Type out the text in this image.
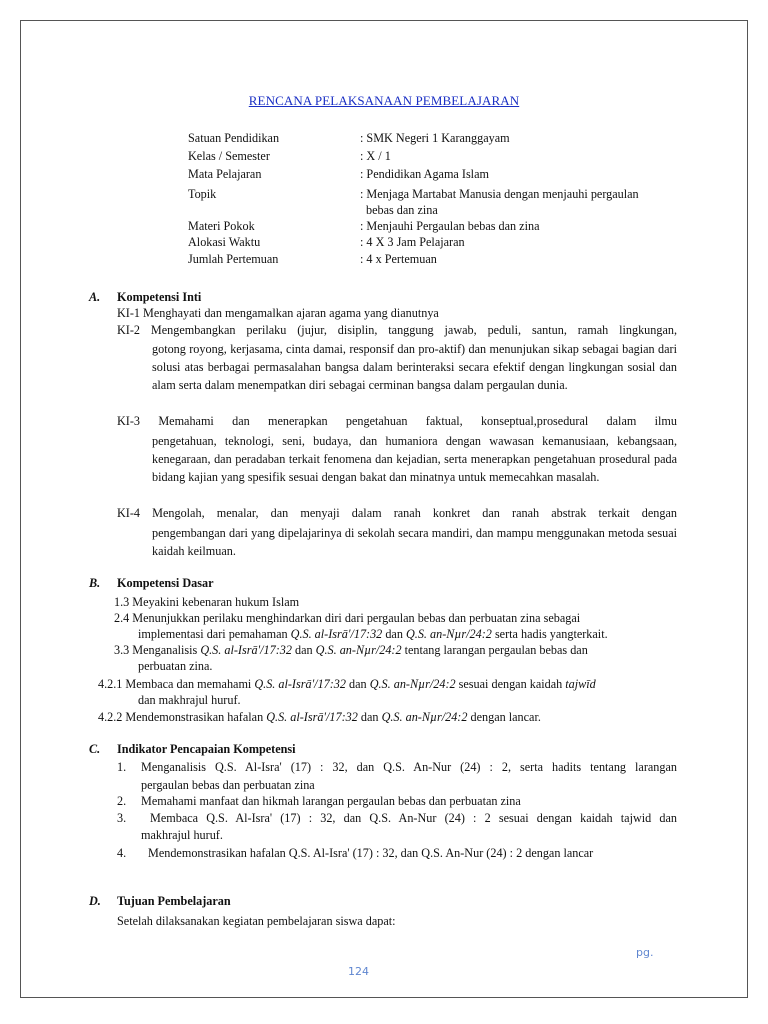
RENCANA PELAKSANAAN PEMBELAJARAN
Satuan Pendidikan	: SMK Negeri 1 Karanggayam
Kelas / Semester	: X / 1
Mata Pelajaran	: Pendidikan Agama Islam
Topik	: Menjaga Martabat Manusia dengan menjauhi pergaulan
bebas dan zina
Materi Pokok	: Menjauhi Pergaulan bebas dan zina
Alokasi Waktu	: 4 X 3 Jam Pelajaran
Jumlah Pertemuan	: 4 x Pertemuan
A. Kompetensi Inti
KI-1 Menghayati dan mengamalkan ajaran agama yang dianutnya
KI-2 Mengembangkan perilaku (jujur, disiplin, tanggung jawab, peduli, santun, ramah lingkungan,
gotong royong, kerjasama, cinta damai, responsif dan pro-aktif) dan menunjukan sikap sebagai bagian dari solusi atas berbagai permasalahan bangsa dalam berinteraksi secara efektif dengan lingkungan sosial dan alam serta dalam menempatkan diri sebagai cerminan bangsa dalam pergaulan dunia.
KI-3 Memahami dan menerapkan pengetahuan faktual, konseptual,prosedural dalam ilmu
pengetahuan, teknologi, seni, budaya, dan humaniora dengan wawasan kemanusiaan, kebangsaan, kenegaraan, dan peradaban terkait fenomena dan kejadian, serta menerapkan pengetahuan prosedural pada bidang kajian yang spesifik sesuai dengan bakat dan minatnya untuk memecahkan masalah.
KI-4 Mengolah, menalar, dan menyaji dalam ranah konkret dan ranah abstrak terkait dengan
pengembangan dari yang dipelajarinya di sekolah secara mandiri, dan mampu menggunakan metoda sesuai kaidah keilmuan.
B. Kompetensi Dasar
1.3 Meyakini kebenaran hukum Islam
2.4 Menunjukkan perilaku menghindarkan diri dari pergaulan bebas dan perbuatan zina sebagai
implementasi dari pemahaman Q.S. al-Isrā'/17:32 dan Q.S. an-Nµr/24:2 serta hadis yangterkait.
3.3 Menganalisis Q.S. al-Isrā'/17:32 dan Q.S. an-Nµr/24:2 tentang larangan pergaulan bebas dan
perbuatan zina.
4.2.1 Membaca dan memahami Q.S. al-Isrā'/17:32 dan Q.S. an-Nµr/24:2 sesuai dengan kaidah tajwīd
dan makhrajul huruf.
4.2.2 Mendemonstrasikan hafalan Q.S. al-Isrā'/17:32 dan Q.S. an-Nµr/24:2 dengan lancar.
C. Indikator Pencapaian Kompetensi
1. Menganalisis Q.S. Al-Isra' (17) : 32, dan Q.S. An-Nur (24) : 2, serta hadits tentang larangan
pergaulan bebas dan perbuatan zina
2. Memahami manfaat dan hikmah larangan pergaulan bebas dan perbuatan zina
3. Membaca Q.S. Al-Isra' (17) : 32, dan Q.S. An-Nur (24) : 2 sesuai dengan kaidah tajwid dan
makhrajul huruf.
4. Mendemonstrasikan hafalan Q.S. Al-Isra' (17) : 32, dan Q.S. An-Nur (24) : 2 dengan lancar
D. Tujuan Pembelajaran
Setelah dilaksanakan kegiatan pembelajaran siswa dapat:
pg.
124
